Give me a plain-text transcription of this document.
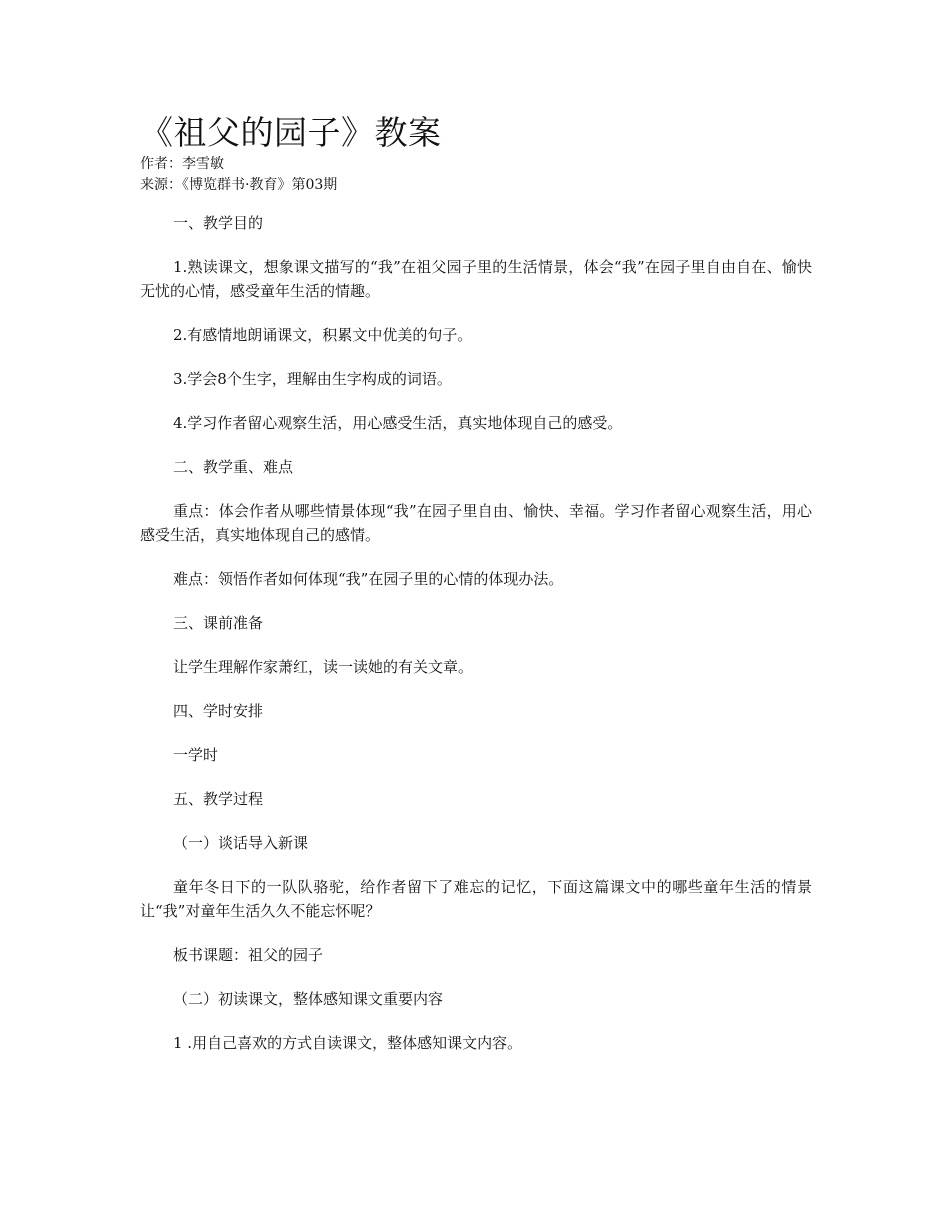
《祖父的园子》教案

作者：李雪敏

来源：《博览群书·教育》第03期

一、教学目的

1.熟读课文，想象课文描写的“我”在祖父园子里的生活情景，体会“我”在园子里自由自在、愉快无忧的心情，感受童年生活的情趣。

2.有感情地朗诵课文，积累文中优美的句子。

3.学会8个生字，理解由生字构成的词语。

4.学习作者留心观察生活，用心感受生活，真实地体现自己的感受。

二、教学重、难点

重点：体会作者从哪些情景体现“我”在园子里自由、愉快、幸福。学习作者留心观察生活，用心感受生活，真实地体现自己的感情。

难点：领悟作者如何体现“我”在园子里的心情的体现办法。

三、课前准备

让学生理解作家萧红，读一读她的有关文章。

四、学时安排

一学时

五、教学过程

（一）谈话导入新课

童年冬日下的一队队骆驼，给作者留下了难忘的记忆，下面这篇课文中的哪些童年生活的情景让“我”对童年生活久久不能忘怀呢？

板书课题：祖父的园子

（二）初读课文，整体感知课文重要内容

1 .用自己喜欢的方式自读课文，整体感知课文内容。
